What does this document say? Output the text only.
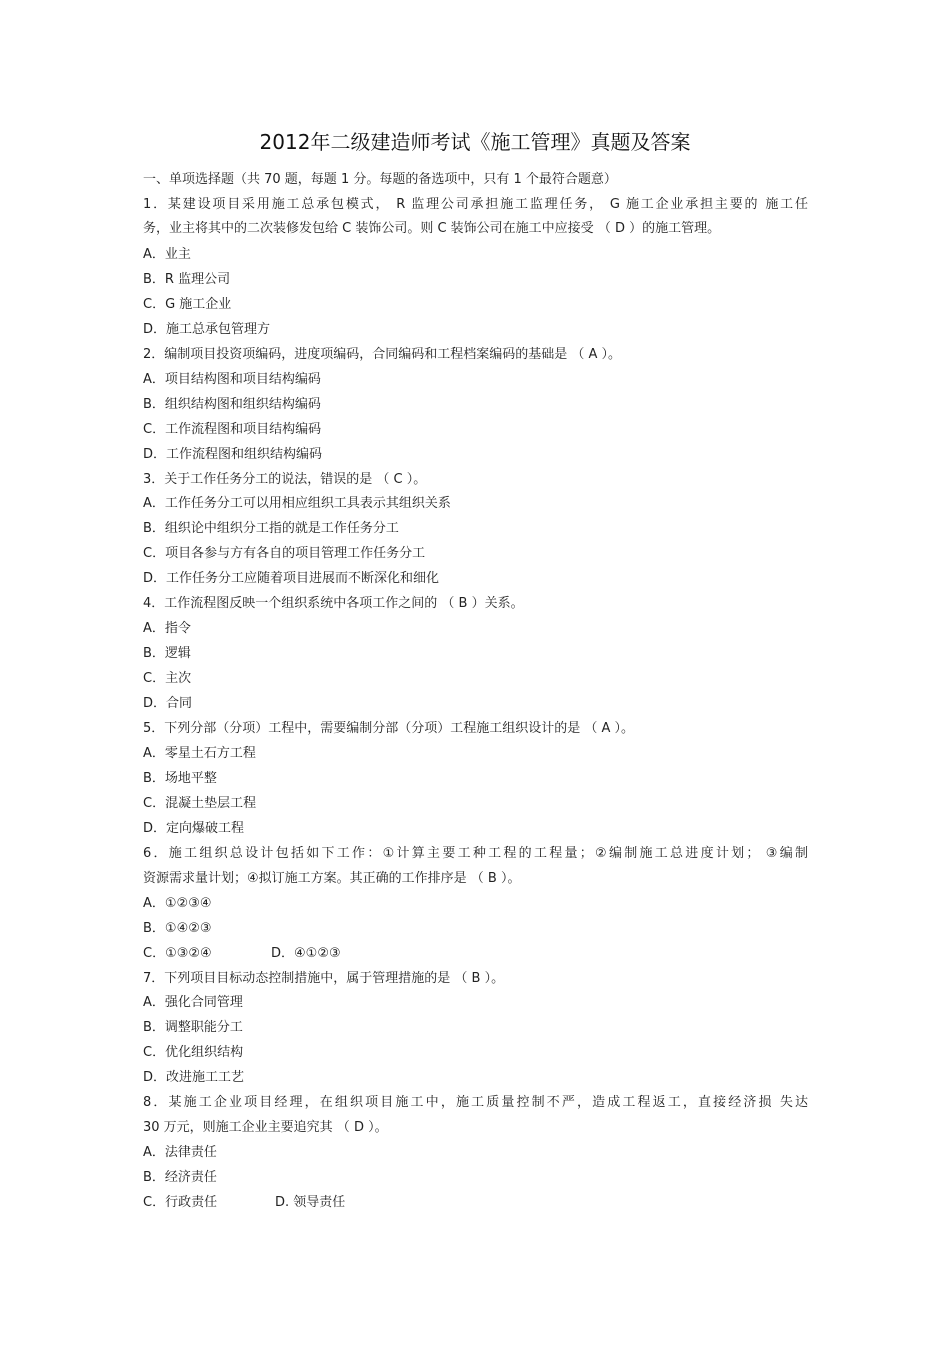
2012年二级建造师考试《施工管理》真题及答案
一、单项选择题（共 70 题，每题 1 分。每题的备选项中，只有 1 个最符合题意）
1．某建设项目采用施工总承包模式， R 监理公司承担施工监理任务， G 施工企业承担主要的 施工任
务，业主将其中的二次装修发包给 C 装饰公司。则 C 装饰公司在施工中应接受 （ D ）的施工管理。
A．业主
B．R 监理公司
C．G 施工企业
D．施工总承包管理方
2．编制项目投资项编码，进度项编码，合同编码和工程档案编码的基础是 （ A ）。
A．项目结构图和项目结构编码
B．组织结构图和组织结构编码
C．工作流程图和项目结构编码
D．工作流程图和组织结构编码
3．关于工作任务分工的说法，错误的是 （ C ）。
A．工作任务分工可以用相应组织工具表示其组织关系
B．组织论中组织分工指的就是工作任务分工
C．项目各参与方有各自的项目管理工作任务分工
D．工作任务分工应随着项目进展而不断深化和细化
4．工作流程图反映一个组织系统中各项工作之间的 （ B ）关系。
A．指令
B．逻辑
C．主次
D．合同
5．下列分部（分项）工程中，需要编制分部（分项）工程施工组织设计的是 （ A ）。
A．零星土石方工程
B．场地平整
C．混凝土垫层工程
D．定向爆破工程
6．施工组织总设计包括如下工作：①计算主要工种工程的工程量；②编制施工总进度计划； ③编制
资源需求量计划；④拟订施工方案。其正确的工作排序是 （ B ）。
A．①②③④
B．①④②③
C．①③②④	D．④①②③
7．下列项目目标动态控制措施中，属于管理措施的是 （ B ）。
A．强化合同管理
B．调整职能分工
C．优化组织结构
D．改进施工工艺
8．某施工企业项目经理，在组织项目施工中，施工质量控制不严，造成工程返工，直接经济损 失达
30 万元，则施工企业主要追究其 （ D ）。
A．法律责任
B．经济责任
C．行政责任	D. 领导责任
